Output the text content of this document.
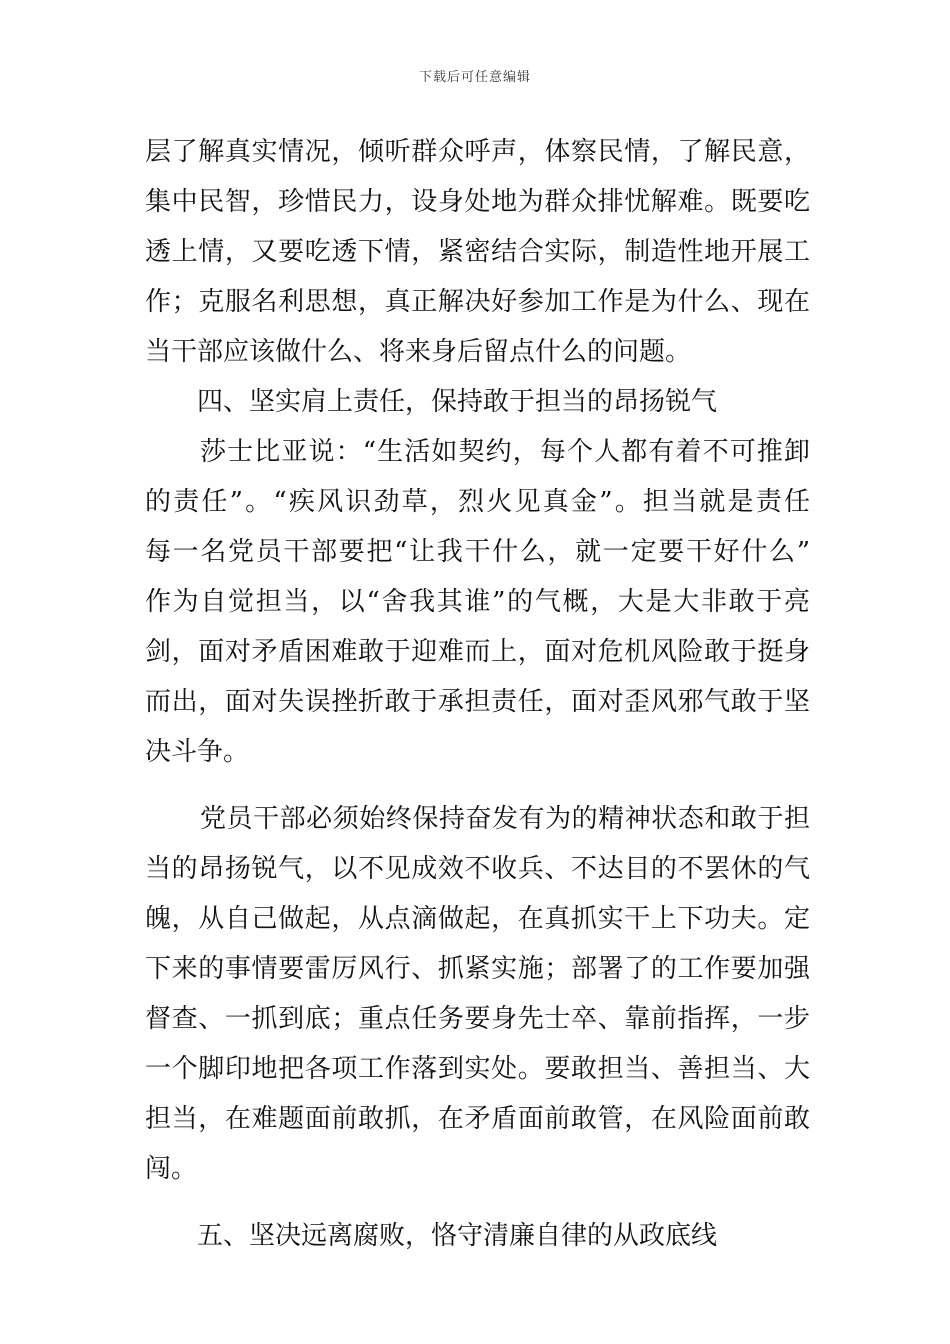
下载后可任意编辑
层了解真实情况，倾听群众呼声，体察民情，了解民意，
集中民智，珍惜民力，设身处地为群众排忧解难。既要吃
透上情，又要吃透下情，紧密结合实际，制造性地开展工
作；克服名利思想，真正解决好参加工作是为什么、现在
当干部应该做什么、将来身后留点什么的问题。
四、坚实肩上责任，保持敢于担当的昂扬锐气
莎士比亚说：“生活如契约，每个人都有着不可推卸
的责任”。“疾风识劲草，烈火见真金”。担当就是责任
每一名党员干部要把“让我干什么，就一定要干好什么”
作为自觉担当，以“舍我其谁”的气概，大是大非敢于亮
剑，面对矛盾困难敢于迎难而上，面对危机风险敢于挺身
而出，面对失误挫折敢于承担责任，面对歪风邪气敢于坚
决斗争。
党员干部必须始终保持奋发有为的精神状态和敢于担
当的昂扬锐气，以不见成效不收兵、不达目的不罢休的气
魄，从自己做起，从点滴做起，在真抓实干上下功夫。定
下来的事情要雷厉风行、抓紧实施；部署了的工作要加强
督查、一抓到底；重点任务要身先士卒、靠前指挥，一步
一个脚印地把各项工作落到实处。要敢担当、善担当、大
担当，在难题面前敢抓，在矛盾面前敢管，在风险面前敢
闯。
五、坚决远离腐败，恪守清廉自律的从政底线
